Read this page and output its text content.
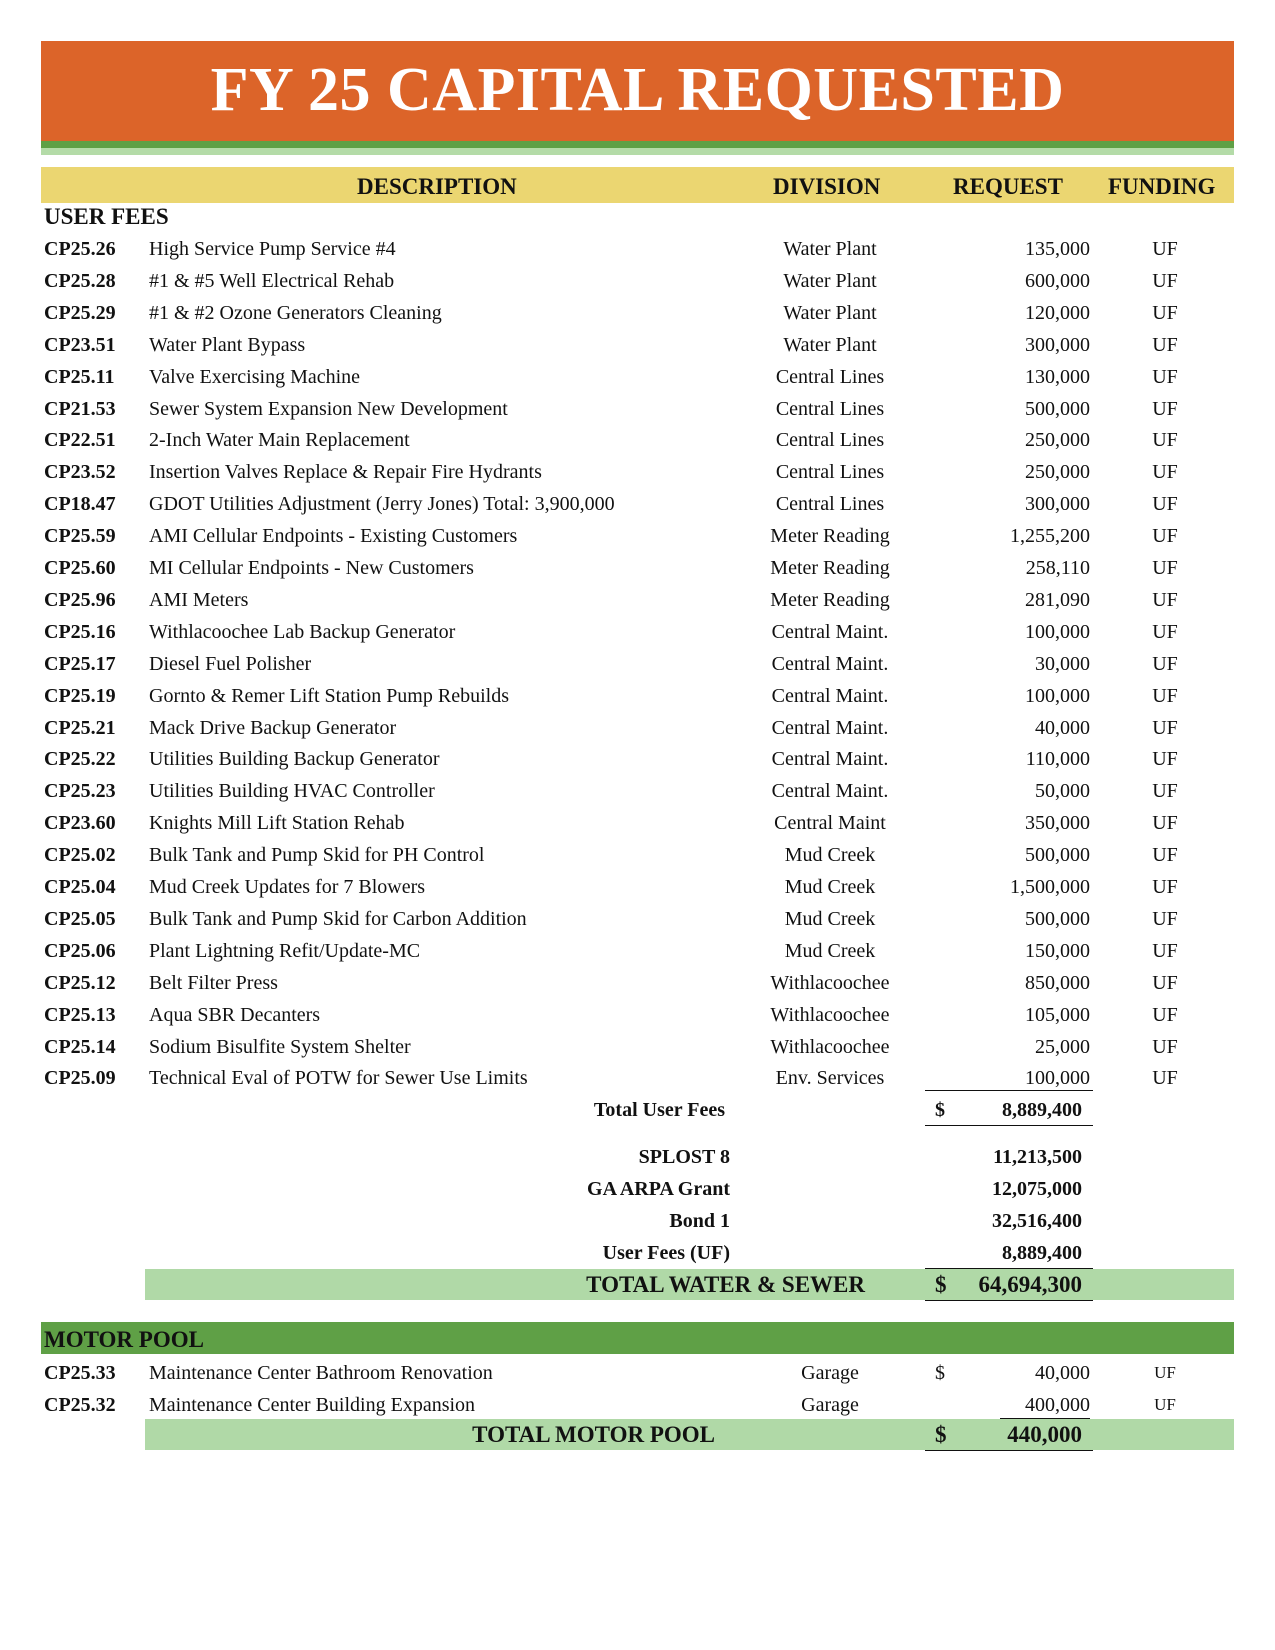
FY 25 CAPITAL REQUESTED
DESCRIPTION	DIVISION	REQUEST FUNDING
USER FEES
CP25.26 High Service Pump Service #4	Water Plant	135,000	UF
CP25.28 #1 & #5 Well Electrical Rehab	Water Plant	600,000	UF
CP25.29 #1 & #2 Ozone Generators Cleaning	Water Plant	120,000	UF
CP23.51 Water Plant Bypass	Water Plant	300,000	UF
CP25.11 Valve Exercising Machine	Central Lines	130,000	UF
CP21.53 Sewer System Expansion New Development	Central Lines	500,000	UF
CP22.51 2-Inch Water Main Replacement	Central Lines	250,000	UF
CP23.52 Insertion Valves Replace & Repair Fire Hydrants	Central Lines	250,000	UF
CP18.47 GDOT Utilities Adjustment (Jerry Jones) Total: 3,900,000	Central Lines	300,000	UF
CP25.59 AMI Cellular Endpoints - Existing Customers	Meter Reading	1,255,200	UF
CP25.60 MI Cellular Endpoints - New Customers	Meter Reading	258,110	UF
CP25.96 AMI Meters	Meter Reading	281,090	UF
CP25.16 Withlacoochee Lab Backup Generator	Central Maint.	100,000	UF
CP25.17 Diesel Fuel Polisher	Central Maint.	30,000	UF
CP25.19 Gornto & Remer Lift Station Pump Rebuilds	Central Maint.	100,000	UF
CP25.21 Mack Drive Backup Generator	Central Maint.	40,000	UF
CP25.22 Utilities Building Backup Generator	Central Maint.	110,000	UF
CP25.23 Utilities Building HVAC Controller	Central Maint.	50,000	UF
CP23.60 Knights Mill Lift Station Rehab	Central Maint	350,000	UF
CP25.02 Bulk Tank and Pump Skid for PH Control	Mud Creek	500,000	UF
CP25.04 Mud Creek Updates for 7 Blowers	Mud Creek	1,500,000	UF
CP25.05 Bulk Tank and Pump Skid for Carbon Addition	Mud Creek	500,000	UF
CP25.06 Plant Lightning Refit/Update-MC	Mud Creek	150,000	UF
CP25.12 Belt Filter Press	Withlacoochee	850,000	UF
CP25.13 Aqua SBR Decanters	Withlacoochee	105,000	UF
CP25.14 Sodium Bisulfite System Shelter	Withlacoochee	25,000	UF
CP25.09 Technical Eval of POTW for Sewer Use Limits	Env. Services	100,000	UF
Total User Fees	$	8,889,400
SPLOST 8	11,213,500
GA ARPA Grant	12,075,000
Bond 1	32,516,400
User Fees (UF)	8,889,400
TOTAL WATER & SEWER	$	64,694,300
MOTOR POOL
CP25.33 Maintenance Center Bathroom Renovation	Garage	$	40,000	UF
CP25.32 Maintenance Center Building Expansion	Garage	400,000	UF
TOTAL MOTOR POOL	$	440,000
